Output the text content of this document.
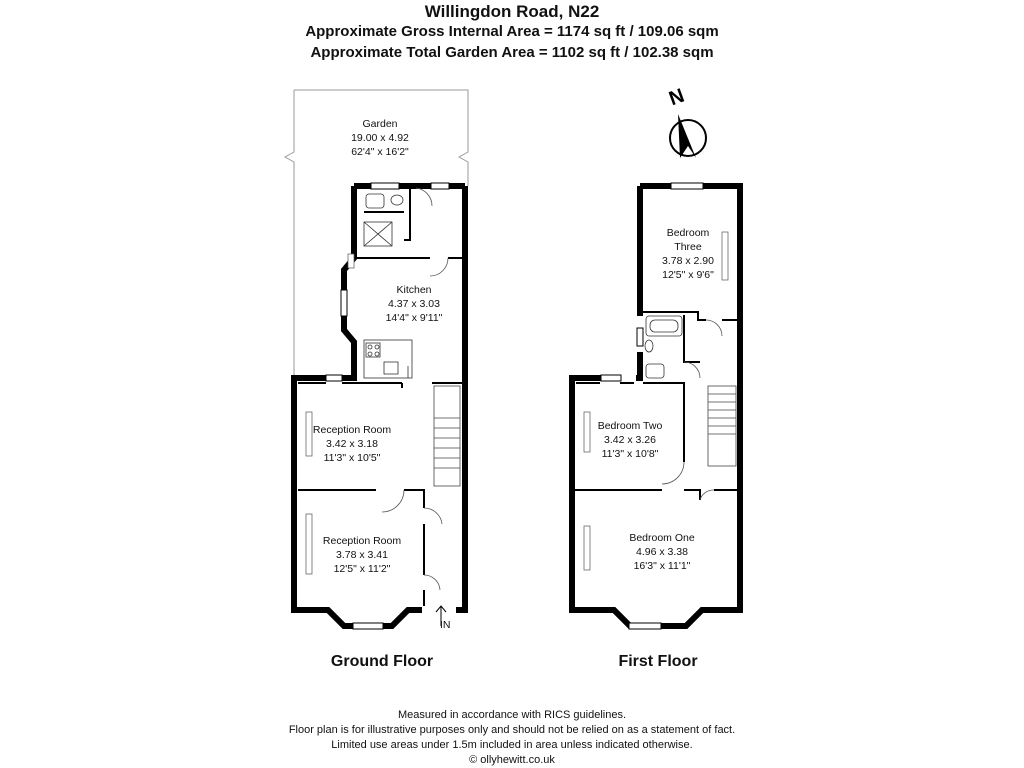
Willingdon Road, N22
Approximate Gross Internal Area = 1174 sq ft / 109.06 sqm
Approximate Total Garden Area = 1102 sq ft / 102.38 sqm
IN
Garden
19.00 x 4.92
62'4" x 16'2"
Kitchen
4.37 x 3.03
14'4" x 9'11"
Reception Room
3.42 x 3.18
11'3" x 10'5"
Reception Room
3.78 x 3.41
12'5" x 11'2"
Ground Floor
Bedroom
Three
3.78 x 2.90
12'5" x 9'6"
Bedroom Two
3.42 x 3.26
11'3" x 10'8"
Bedroom One
4.96 x 3.38
16'3" x 11'1"
First Floor
N
Measured in accordance with RICS guidelines.
Floor plan is for illustrative purposes only and should not be relied on as a statement of fact.
Limited use areas under 1.5m included in area unless indicated otherwise.
© ollyhewitt.co.uk
